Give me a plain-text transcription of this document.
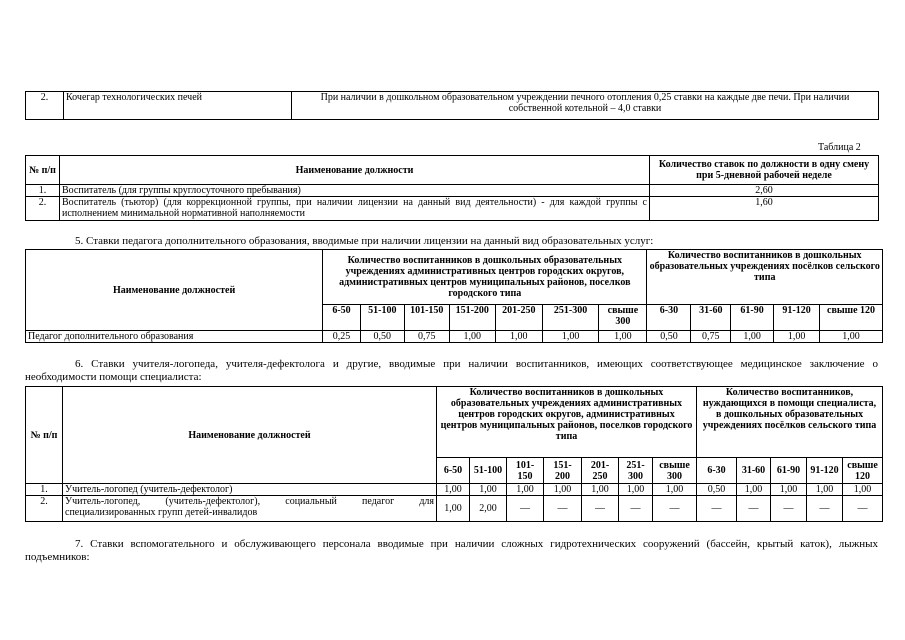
2.	Кочегар технологических печей	При наличии в дошкольном образовательном учреждении печного отопления 0,25 ставки на каждые две печи. При наличии собственной котельной – 4,0 ставки
Таблица 2
№ п/п	Наименование должности	Количество ставок по должности в одну смену при 5-дневной рабочей неделе
1.	Воспитатель (для группы круглосуточного пребывания)	2,60
2.	Воспитатель (тьютор) (для коррекционной группы, при наличии лицензии на данный вид деятельности) - для каждой группы с исполнением минимальной нормативной наполняемости	1,60
5. Ставки педагога дополнительного образования, вводимые при наличии лицензии на данный вид образовательных услуг:
Наименование должностей	Количество воспитанников в дошкольных образовательных учреждениях административных центров городских округов, административных центров муниципальных районов, поселков городского типа							Количество воспитанников в дошкольных образовательных учреждениях посёлков сельского типа				
	6-50	51-100	101-150	151-200	201-250	251-300	свыше 300	6-30	31-60	61-90	91-120	свыше 120
Педагог дополнительного образования	0,25	0,50	0,75	1,00	1,00	1,00	1,00	0,50	0,75	1,00	1,00	1,00
6. Ставки учителя-логопеда, учителя-дефектолога и другие, вводимые при наличии воспитанников, имеющих соответствующее медицинское заключение о необходимости помощи специалиста:
№ п/п	Наименование должностей	Количество воспитанников в дошкольных образовательных учреждениях административных центров городских округов, административных центров муниципальных районов, поселков городского типа							Количество воспитанников, нуждающихся в помощи специалиста, в дошкольных образовательных учреждениях посёлков сельского типа				
		6-50	51-100	101-150	151-200	201-250	251-300	свыше 300	6-30	31-60	61-90	91-120	свыше 120
1.	Учитель-логопед (учитель-дефектолог)	1,00	1,00	1,00	1,00	1,00	1,00	1,00	0,50	1,00	1,00	1,00	1,00
2.	Учитель-логопед, (учитель-дефектолог), социальный педагог для специализированных групп детей-инвалидов	1,00	2,00	—	—	—	—	—	—	—	—	—	—
7. Ставки вспомогательного и обслуживающего персонала вводимые при наличии сложных гидротехнических сооружений (бассейн, крытый каток), лыжных подъемников:
